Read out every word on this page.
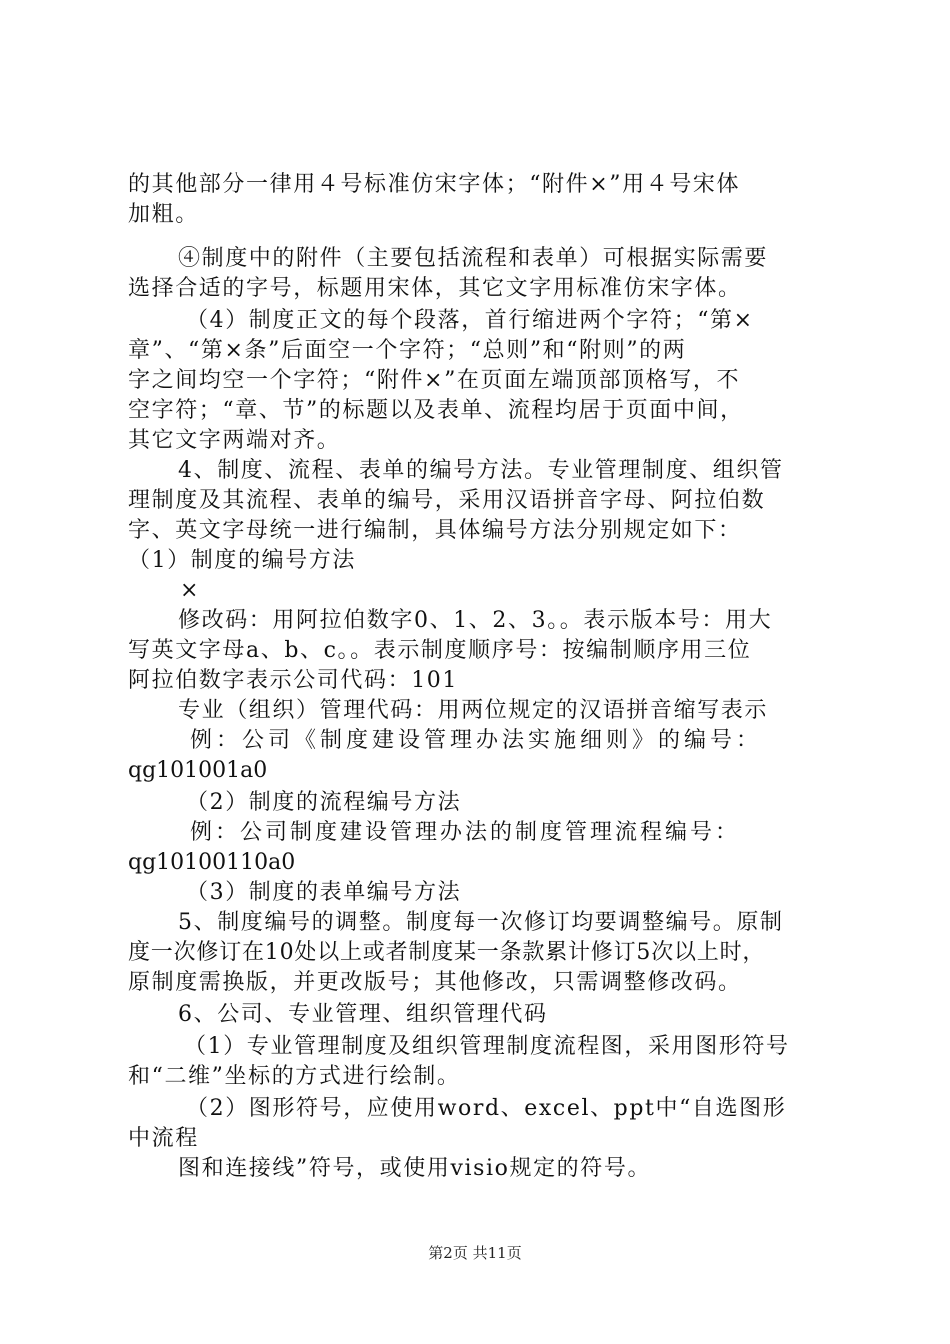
的其他部分一律用４号标准仿宋字体；“附件×”用４号宋体
加粗。
④制度中的附件（主要包括流程和表单）可根据实际需要
选择合适的字号，标题用宋体，其它文字用标准仿宋字体。
（4）制度正文的每个段落，首行缩进两个字符；“第×
章”、“第×条”后面空一个字符；“总则”和“附则”的两
字之间均空一个字符；“附件×”在页面左端顶部顶格写，不
空字符；“章、节”的标题以及表单、流程均居于页面中间，
其它文字两端对齐。
4、制度、流程、表单的编号方法。专业管理制度、组织管
理制度及其流程、表单的编号，采用汉语拼音字母、阿拉伯数
字、英文字母统一进行编制，具体编号方法分别规定如下：
（1）制度的编号方法
×
修改码：用阿拉伯数字0、1、2、3。。表示版本号：用大
写英文字母a、b、c。。表示制度顺序号：按编制顺序用三位
阿拉伯数字表示公司代码：101
专业（组织）管理代码：用两位规定的汉语拼音缩写表示
例：公司《制度建设管理办法实施细则》的编号：
qg101001a0
（2）制度的流程编号方法
例：公司制度建设管理办法的制度管理流程编号：
qg10100110a0
（3）制度的表单编号方法
5、制度编号的调整。制度每一次修订均要调整编号。原制
度一次修订在10处以上或者制度某一条款累计修订5次以上时，
原制度需换版，并更改版号；其他修改，只需调整修改码。
6、公司、专业管理、组织管理代码
（1）专业管理制度及组织管理制度流程图，采用图形符号
和“二维”坐标的方式进行绘制。
（2）图形符号，应使用word、excel、ppt中“自选图形
中流程
图和连接线”符号，或使用visio规定的符号。
第2页 共11页
